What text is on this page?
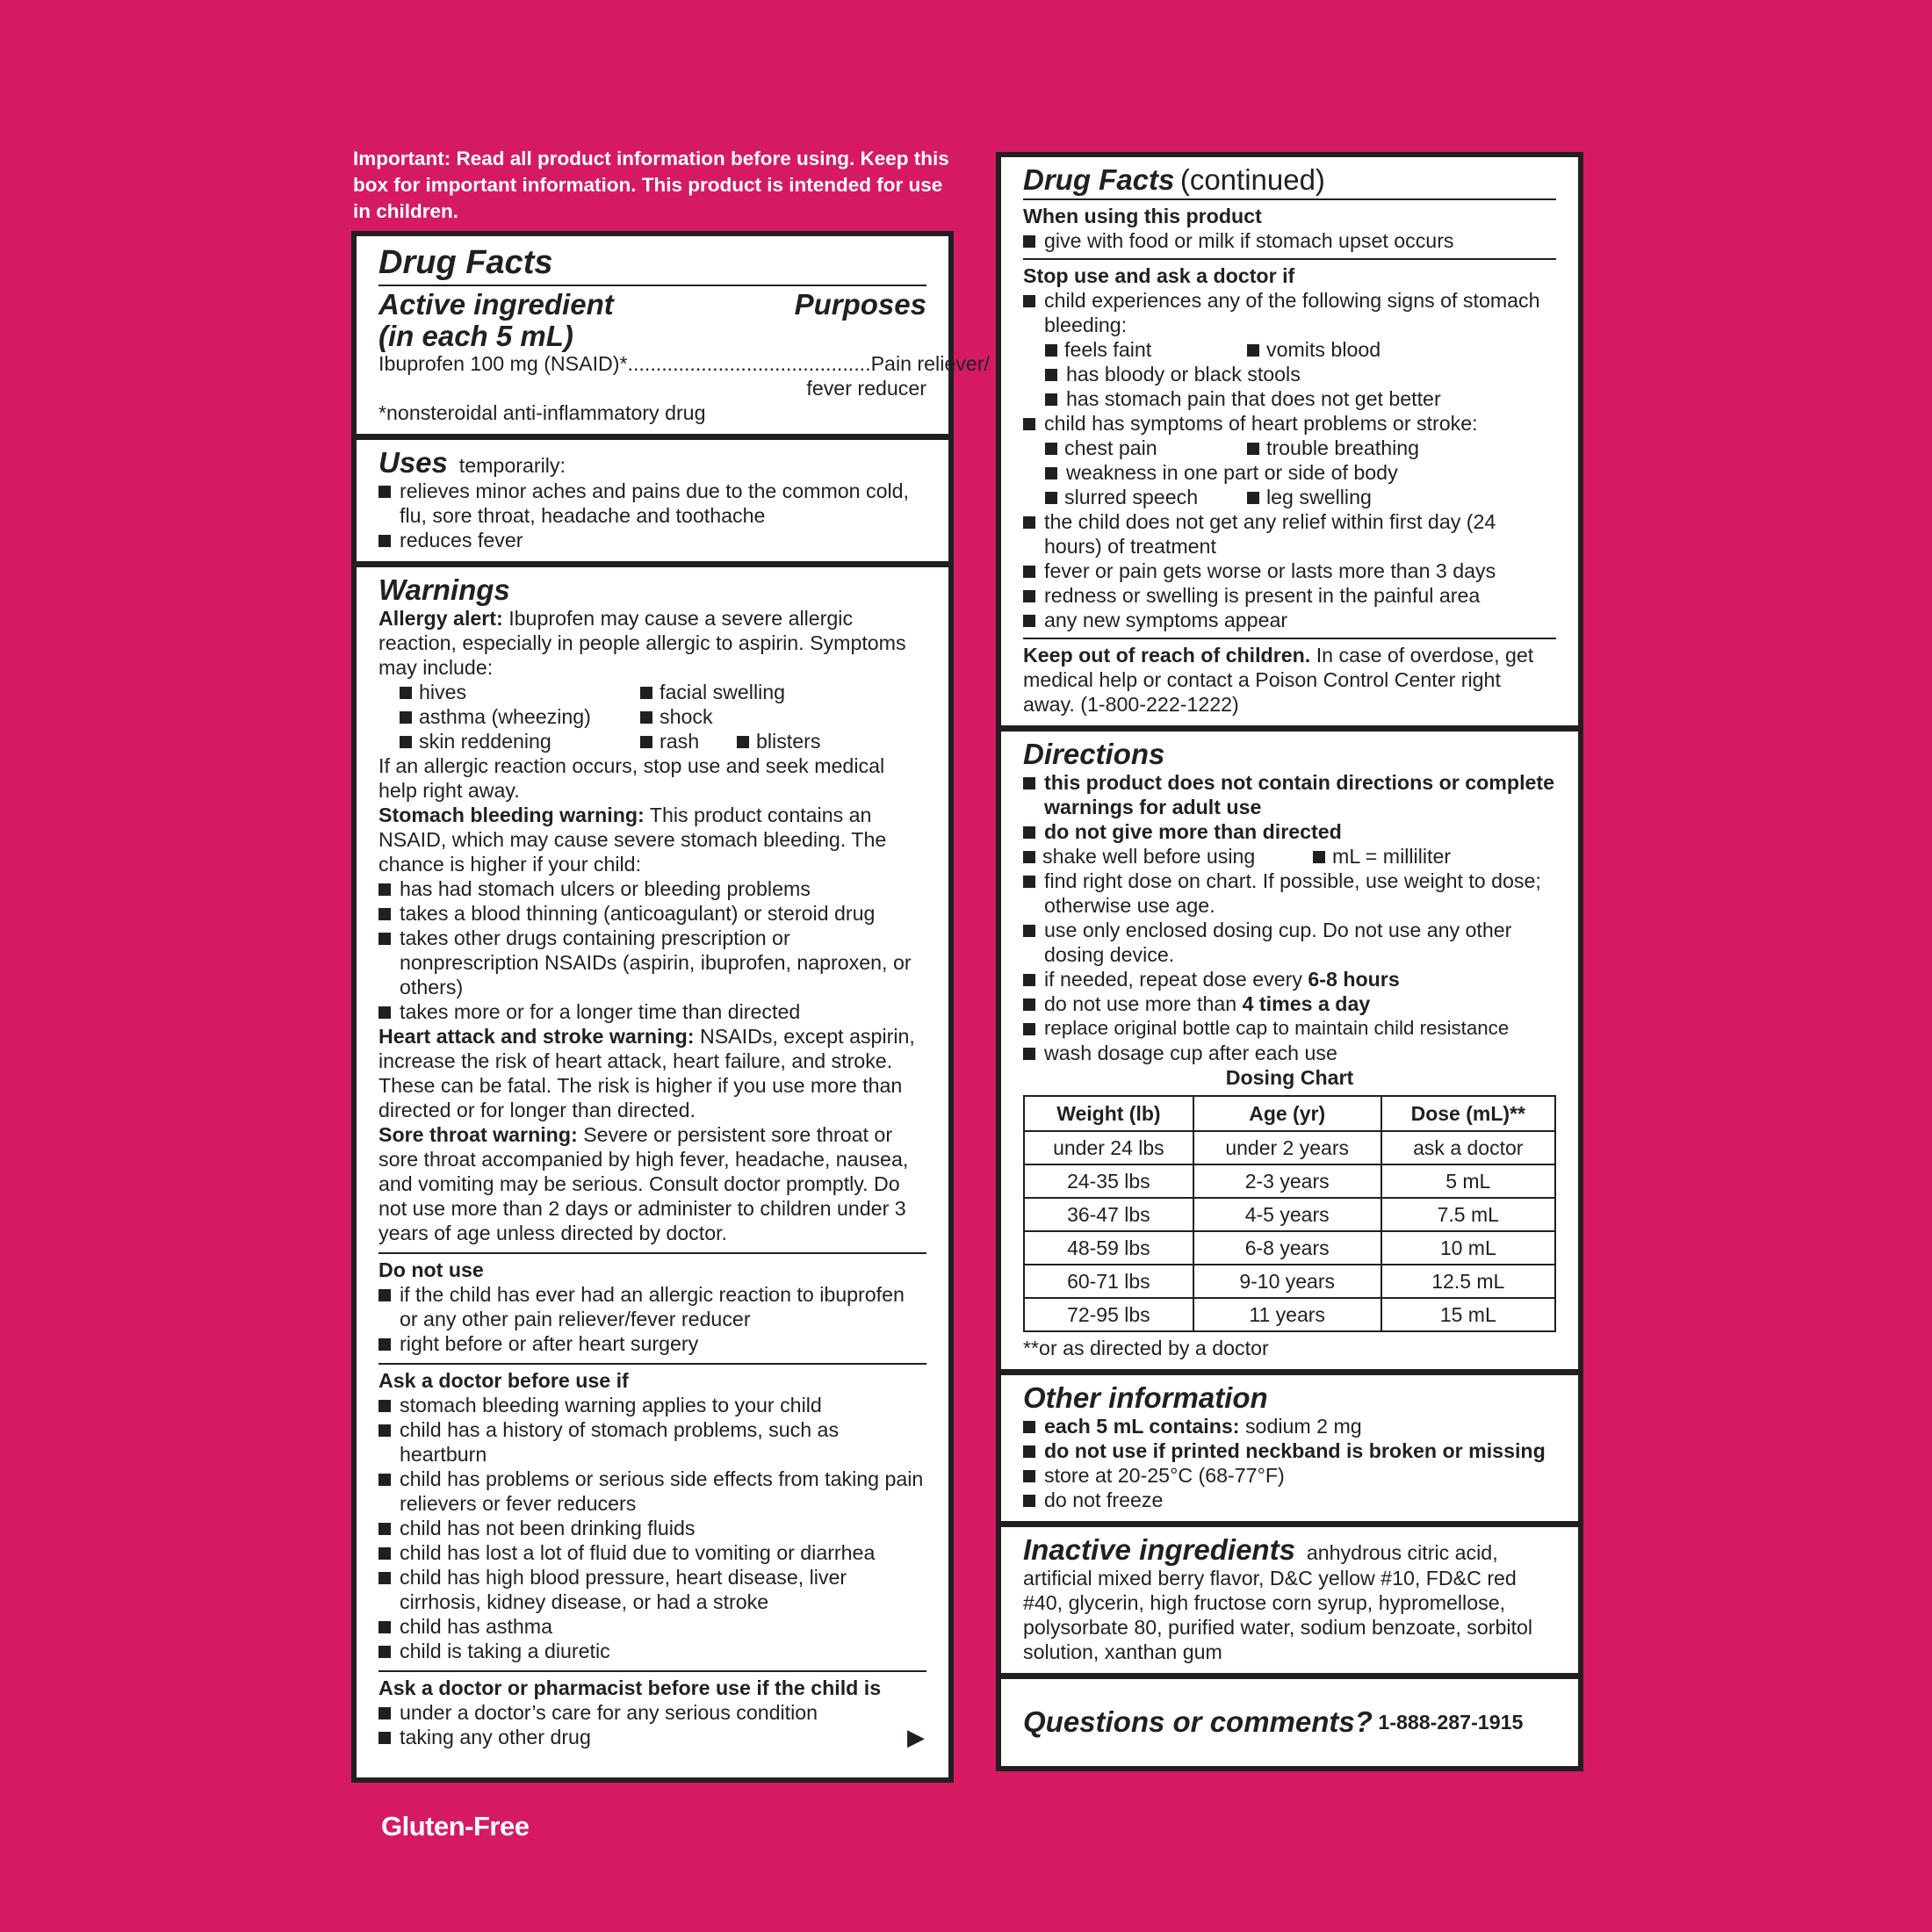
Important: Read all product information before using. Keep this box for important information. This product is intended for use in children.
Drug Facts
Active ingredient	Purposes
(in each 5 mL)
Ibuprofen 100 mg (NSAID)* ........................................... Pain reliever/
fever reducer
*nonsteroidal anti-inflammatory drug
Uses temporarily:
relieves minor aches and pains due to the common cold, flu, sore throat, headache and toothache
reduces fever
Warnings
Allergy alert: Ibuprofen may cause a severe allergic reaction, especially in people allergic to aspirin. Symptoms may include:
hives	facial swelling
asthma (wheezing)	shock
skin reddening	rash	blisters
If an allergic reaction occurs, stop use and seek medical help right away.
Stomach bleeding warning: This product contains an NSAID, which may cause severe stomach bleeding. The chance is higher if your child:
has had stomach ulcers or bleeding problems
takes a blood thinning (anticoagulant) or steroid drug
takes other drugs containing prescription or nonprescription NSAIDs (aspirin, ibuprofen, naproxen, or others)
takes more or for a longer time than directed
Heart attack and stroke warning: NSAIDs, except aspirin, increase the risk of heart attack, heart failure, and stroke. These can be fatal. The risk is higher if you use more than directed or for longer than directed.
Sore throat warning: Severe or persistent sore throat or sore throat accompanied by high fever, headache, nausea, and vomiting may be serious. Consult doctor promptly. Do not use more than 2 days or administer to children under 3 years of age unless directed by doctor.
Do not use
if the child has ever had an allergic reaction to ibuprofen or any other pain reliever/fever reducer
right before or after heart surgery
Ask a doctor before use if
stomach bleeding warning applies to your child
child has a history of stomach problems, such as heartburn
child has problems or serious side effects from taking pain relievers or fever reducers
child has not been drinking fluids
child has lost a lot of fluid due to vomiting or diarrhea
child has high blood pressure, heart disease, liver cirrhosis, kidney disease, or had a stroke
child has asthma
child is taking a diuretic
Ask a doctor or pharmacist before use if the child is
under a doctor’s care for any serious condition
taking any other drug	▶
Drug Facts (continued)
When using this product
give with food or milk if stomach upset occurs
Stop use and ask a doctor if
child experiences any of the following signs of stomach bleeding:
feels faint	vomits blood
has bloody or black stools
has stomach pain that does not get better
child has symptoms of heart problems or stroke:
chest pain	trouble breathing
weakness in one part or side of body
slurred speech	leg swelling
the child does not get any relief within first day (24 hours) of treatment
fever or pain gets worse or lasts more than 3 days
redness or swelling is present in the painful area
any new symptoms appear
Keep out of reach of children. In case of overdose, get medical help or contact a Poison Control Center right away. (1-800-222-1222)
Directions
this product does not contain directions or complete warnings for adult use
do not give more than directed
shake well before using	mL = milliliter
find right dose on chart. If possible, use weight to dose; otherwise use age.
use only enclosed dosing cup. Do not use any other dosing device.
if needed, repeat dose every 6-8 hours
do not use more than 4 times a day
replace original bottle cap to maintain child resistance
wash dosage cup after each use
Dosing Chart
Weight (lb)	Age (yr)	Dose (mL)**
under 24 lbs	under 2 years	ask a doctor
24-35 lbs	2-3 years	5 mL
36-47 lbs	4-5 years	7.5 mL
48-59 lbs	6-8 years	10 mL
60-71 lbs	9-10 years	12.5 mL
72-95 lbs	11 years	15 mL
**or as directed by a doctor
Other information
each 5 mL contains: sodium 2 mg
do not use if printed neckband is broken or missing
store at 20-25°C (68-77°F)
do not freeze
Inactive ingredients anhydrous citric acid, artificial mixed berry flavor, D&C yellow #10, FD&C red #40, glycerin, high fructose corn syrup, hypromellose, polysorbate 80, purified water, sodium benzoate, sorbitol solution, xanthan gum
Questions or comments?
1-888-287-1915
Gluten-Free
